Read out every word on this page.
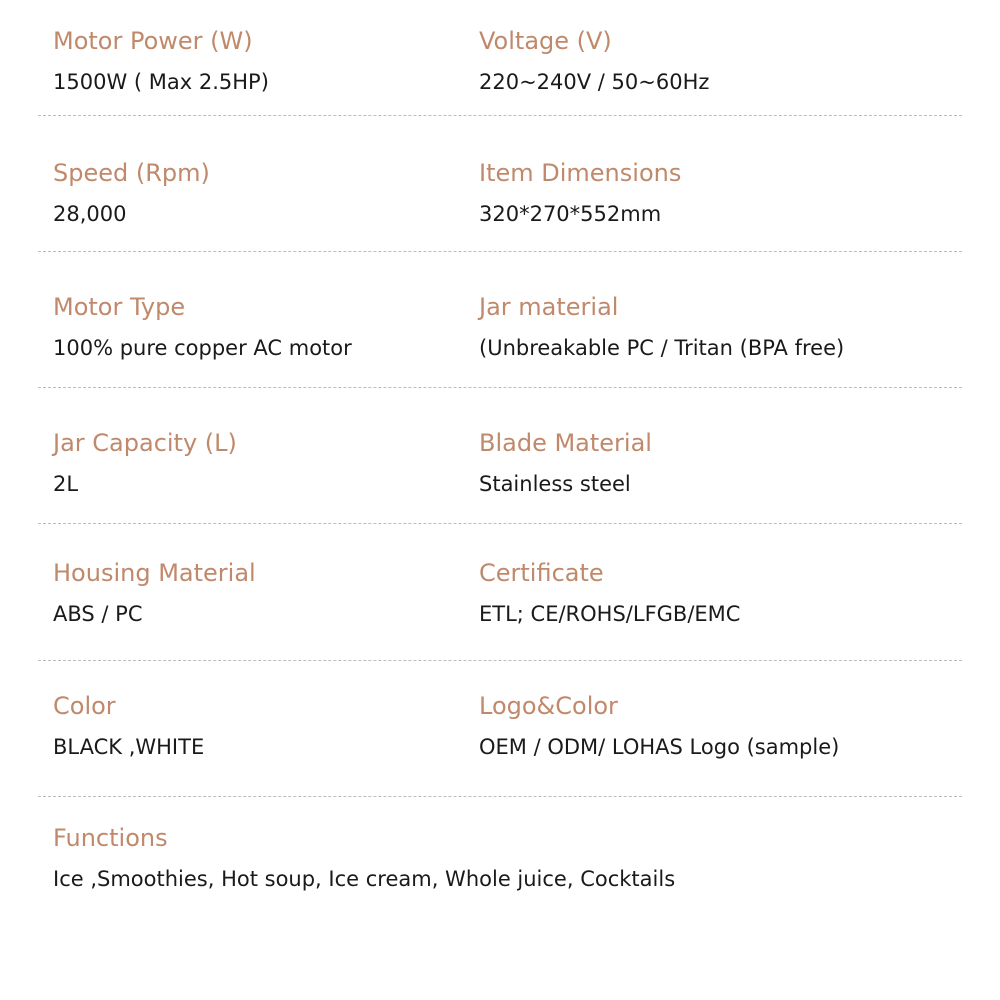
Motor Power (W)
1500W ( Max 2.5HP)
Voltage (V)
220~240V / 50~60Hz
Speed (Rpm)
28,000
Item Dimensions
320*270*552mm
Motor Type
100% pure copper AC motor
Jar material
(Unbreakable PC / Tritan (BPA free)
Jar Capacity (L)
2L
Blade Material
Stainless steel
Housing Material
ABS / PC
Certificate
ETL; CE/ROHS/LFGB/EMC
Color
BLACK ,WHITE
Logo&Color
OEM / ODM/ LOHAS Logo (sample)
Functions
Ice ,Smoothies, Hot soup, Ice cream, Whole juice, Cocktails
